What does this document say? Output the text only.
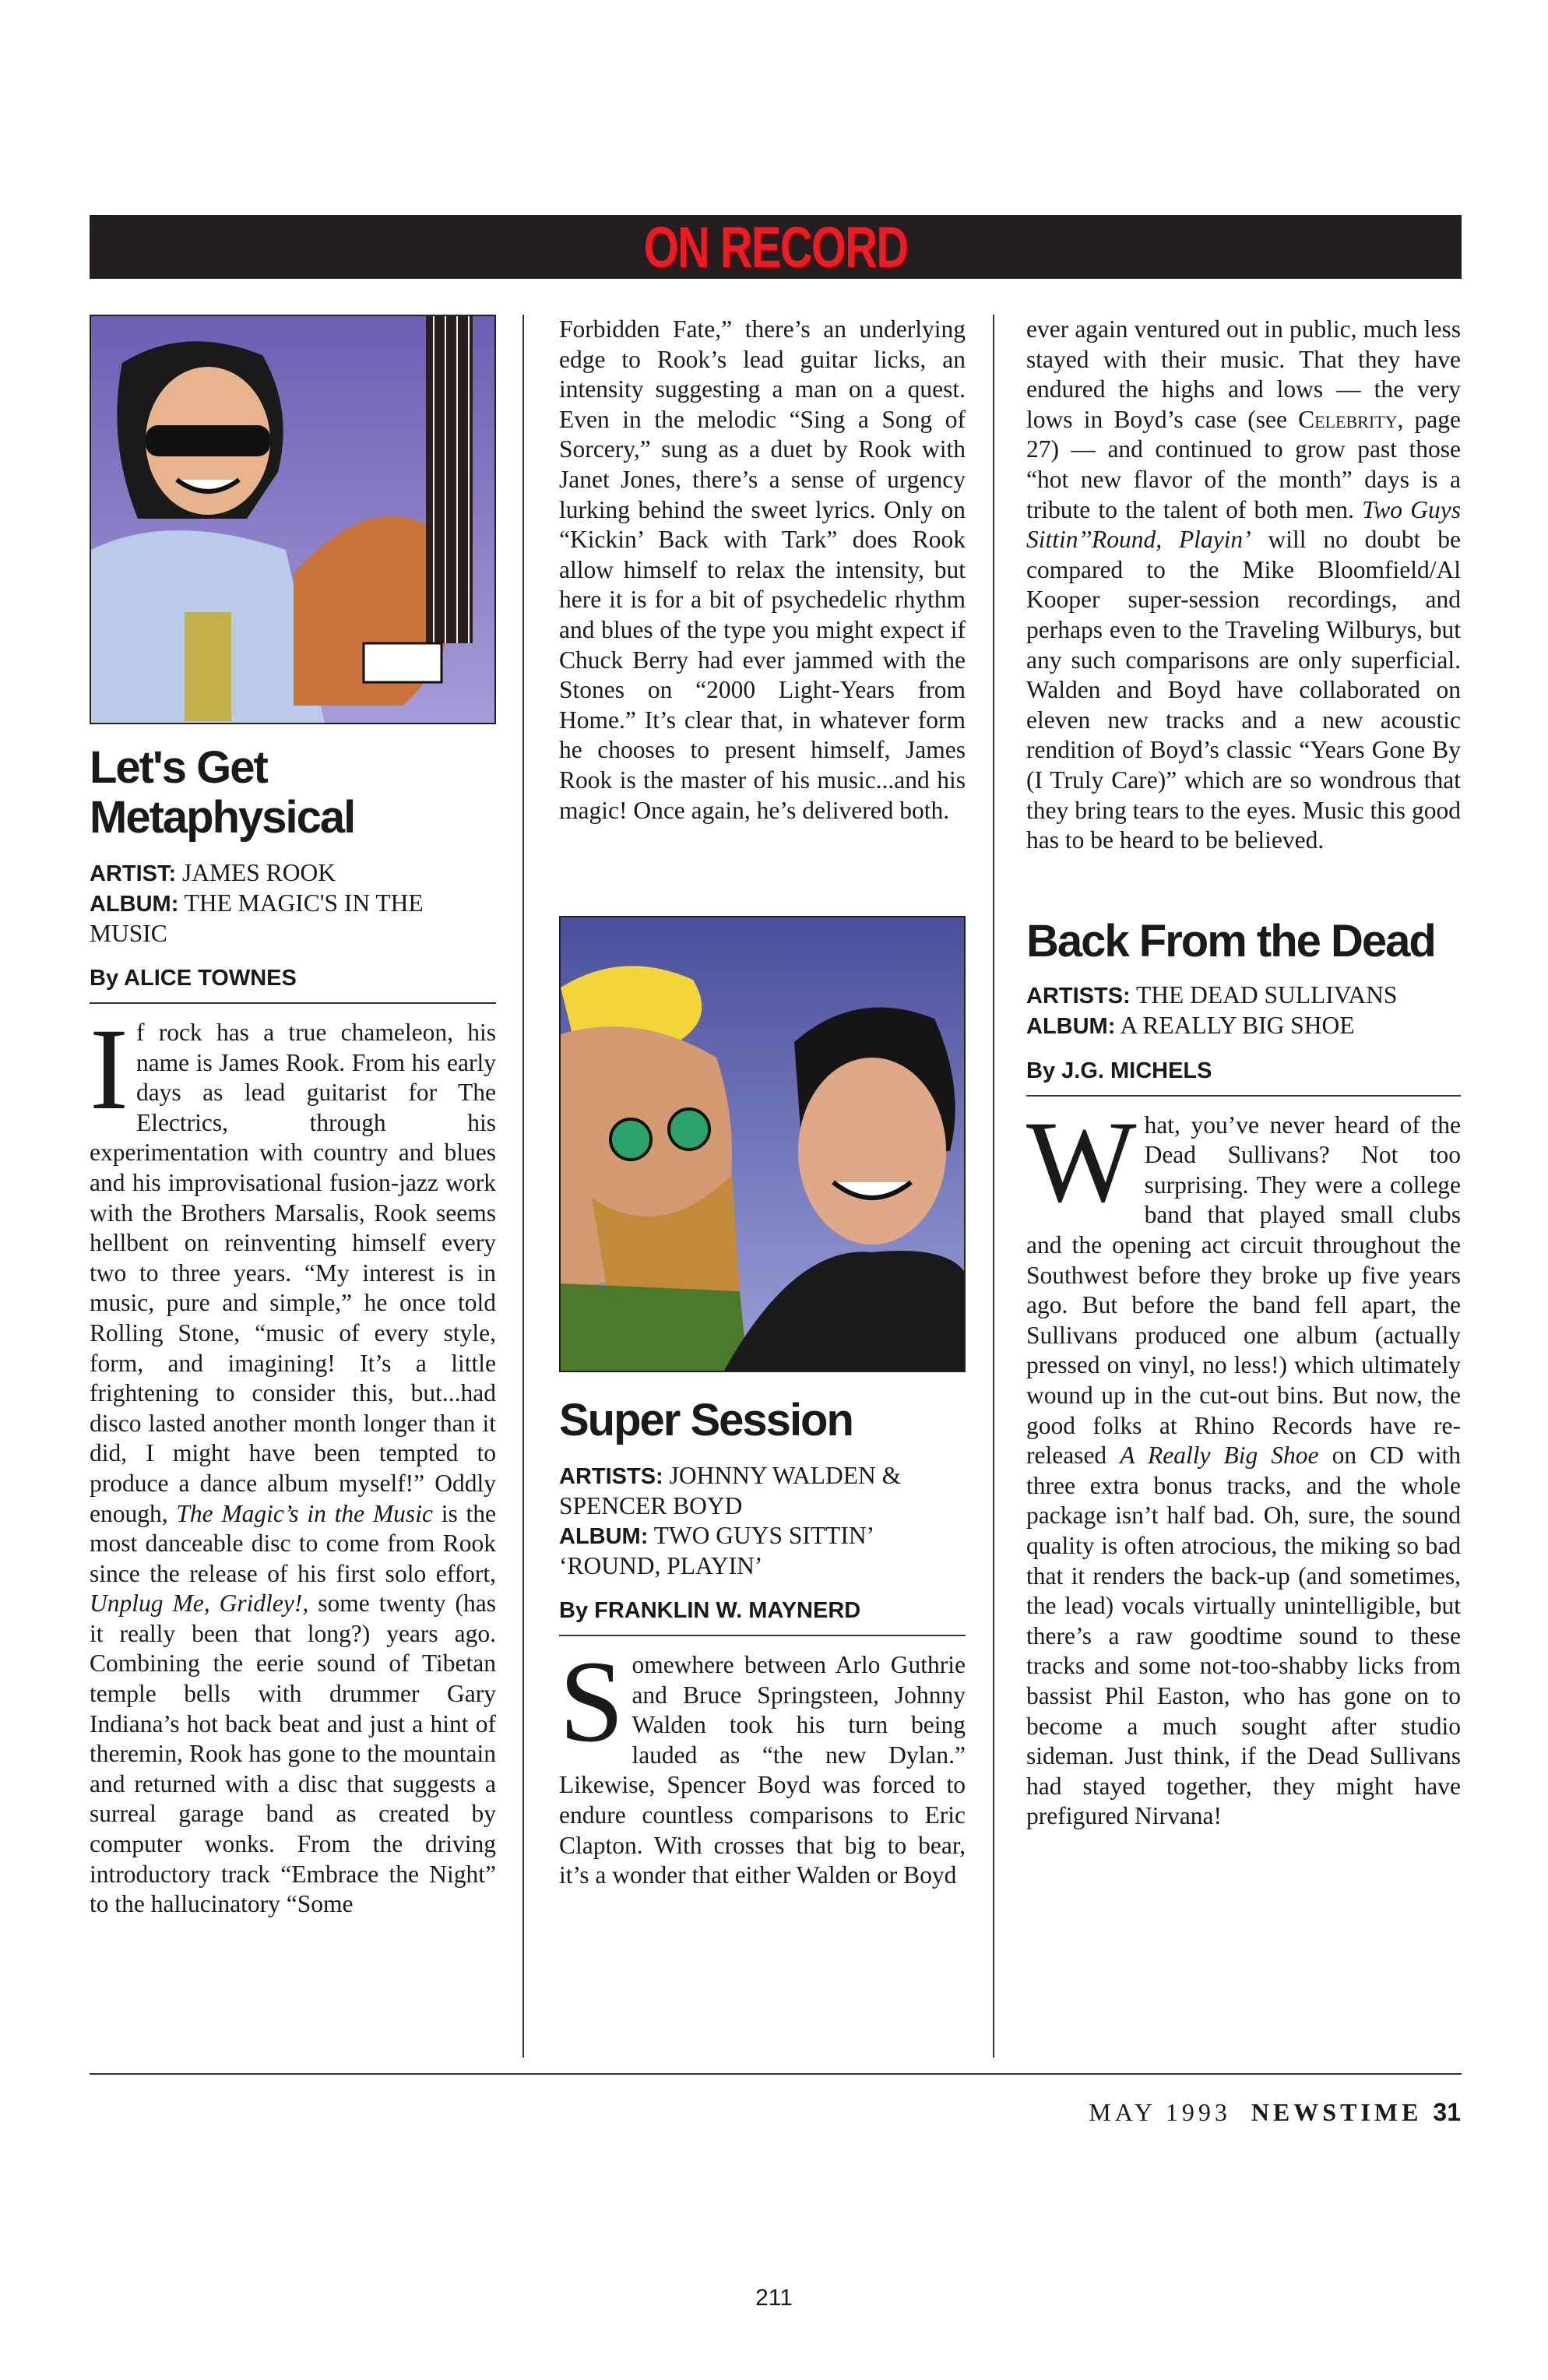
ON RECORD
Let's Get Metaphysical

ARTIST: JAMES ROOK

ALBUM: THE MAGIC'S IN THE MUSIC

By ALICE TOWNES

If rock has a true chameleon, his name is James Rook. From his early days as lead guitarist for The Electrics, through his experimentation with country and blues and his improvisational fusion-jazz work with the Brothers Marsalis, Rook seems hellbent on reinventing himself every two to three years. “My interest is in music, pure and simple,” he once told Rolling Stone, “music of every style, form, and imagining! It’s a little frightening to consider this, but...had disco lasted another month longer than it did, I might have been tempted to produce a dance album myself!” Oddly enough, The Magic’s in the Music is the most danceable disc to come from Rook since the release of his first solo effort, Unplug Me, Gridley!, some twenty (has it really been that long?) years ago. Combining the eerie sound of Tibetan temple bells with drummer Gary Indiana’s hot back beat and just a hint of theremin, Rook has gone to the mountain and returned with a disc that suggests a surreal garage band as created by computer wonks. From the driving introductory track “Embrace the Night” to the hallucinatory “Some

Forbidden Fate,” there’s an underlying edge to Rook’s lead guitar licks, an intensity suggesting a man on a quest. Even in the melodic “Sing a Song of Sorcery,” sung as a duet by Rook with Janet Jones, there’s a sense of urgency lurking behind the sweet lyrics. Only on “Kickin’ Back with Tark” does Rook allow himself to relax the intensity, but here it is for a bit of psychedelic rhythm and blues of the type you might expect if Chuck Berry had ever jammed with the Stones on “2000 Light-Years from Home.” It’s clear that, in whatever form he chooses to present himself, James Rook is the master of his music...and his magic! Once again, he’s delivered both.

Super Session

ARTISTS: JOHNNY WALDEN & SPENCER BOYD

ALBUM: TWO GUYS SITTIN’ ‘ROUND, PLAYIN’

By FRANKLIN W. MAYNERD

Somewhere between Arlo Guthrie and Bruce Springsteen, Johnny Walden took his turn being lauded as “the new Dylan.” Likewise, Spencer Boyd was forced to endure countless comparisons to Eric Clapton. With crosses that big to bear, it’s a wonder that either Walden or Boyd

ever again ventured out in public, much less stayed with their music. That they have endured the highs and lows — the very lows in Boyd’s case (see Celebrity, page 27) — and continued to grow past those “hot new flavor of the month” days is a tribute to the talent of both men. Two Guys Sittin’’Round, Playin’ will no doubt be compared to the Mike Bloomfield/Al Kooper super-session recordings, and perhaps even to the Traveling Wilburys, but any such comparisons are only superficial. Walden and Boyd have collaborated on eleven new tracks and a new acoustic rendition of Boyd’s classic “Years Gone By (I Truly Care)” which are so wondrous that they bring tears to the eyes. Music this good has to be heard to be believed.

Back From the Dead

ARTISTS: THE DEAD SULLIVANS

ALBUM: A REALLY BIG SHOE

By J.G. MICHELS

What, you’ve never heard of the Dead Sullivans? Not too surprising. They were a college band that played small clubs and the opening act circuit throughout the Southwest before they broke up five years ago. But before the band fell apart, the Sullivans produced one album (actually pressed on vinyl, no less!) which ultimately wound up in the cut-out bins. But now, the good folks at Rhino Records have re-released A Really Big Shoe on CD with three extra bonus tracks, and the whole package isn’t half bad. Oh, sure, the sound quality is often atrocious, the miking so bad that it renders the back-up (and sometimes, the lead) vocals virtually unintelligible, but there’s a raw goodtime sound to these tracks and some not-too-shabby licks from bassist Phil Easton, who has gone on to become a much sought after studio sideman. Just think, if the Dead Sullivans had stayed together, they might have prefigured Nirvana!

MAY 1993 NEWSTIME 31
211
